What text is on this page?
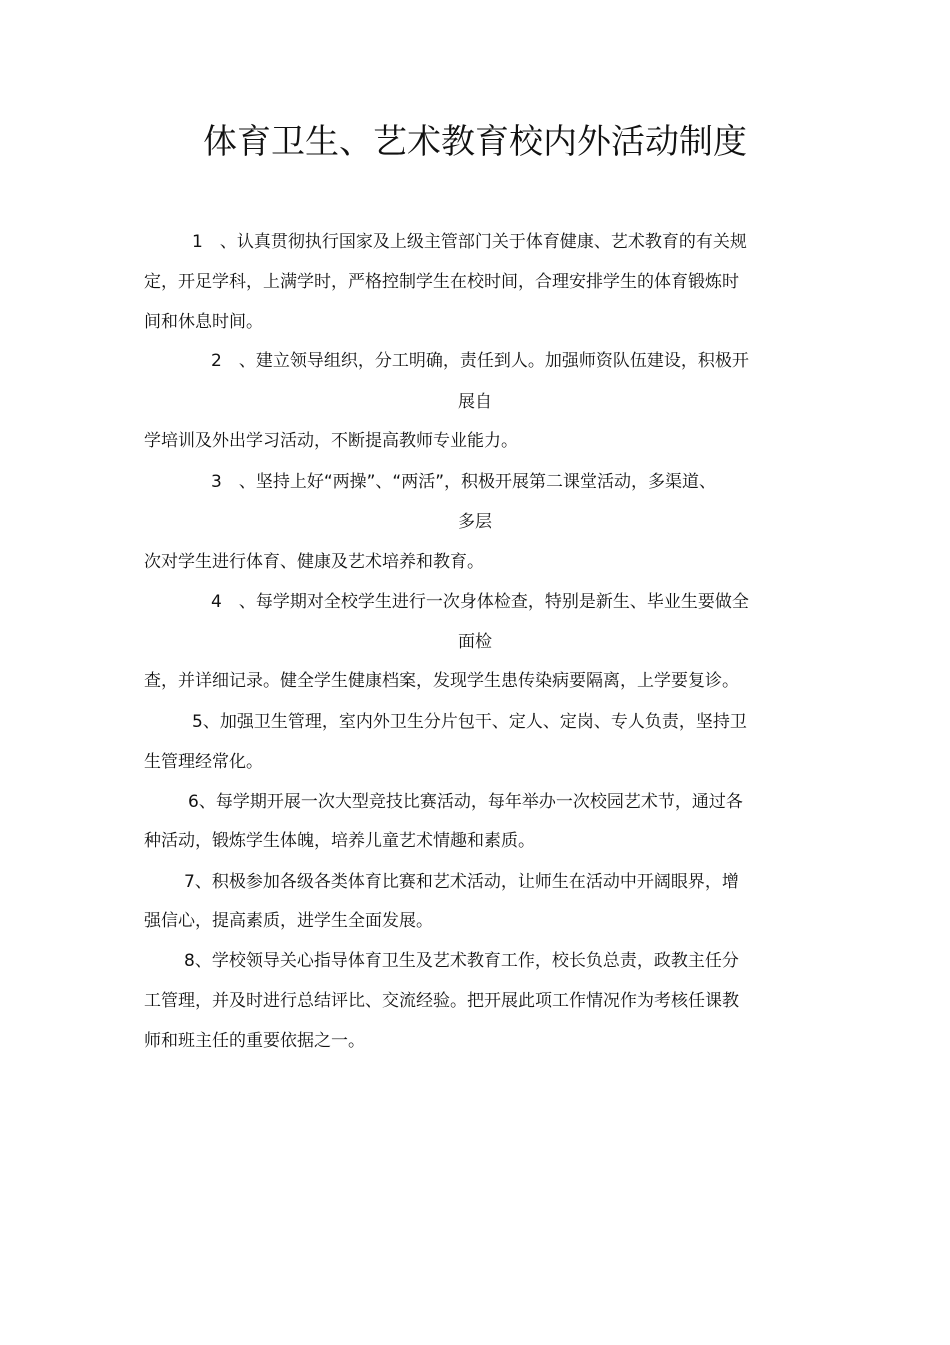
体育卫生、艺术教育校内外活动制度
1　、认真贯彻执行国家及上级主管部门关于体育健康、艺术教育的有关规
定，开足学科，上满学时，严格控制学生在校时间，合理安排学生的体育锻炼时
间和休息时间。
2　、建立领导组织，分工明确，责任到人。加强师资队伍建设，积极开
展自
学培训及外出学习活动，不断提高教师专业能力。
3　、坚持上好“两操”、“两活”，积极开展第二课堂活动，多渠道、
多层
次对学生进行体育、健康及艺术培养和教育。
4　、每学期对全校学生进行一次身体检查，特别是新生、毕业生要做全
面检
查，并详细记录。健全学生健康档案，发现学生患传染病要隔离，上学要复诊。
5、加强卫生管理，室内外卫生分片包干、定人、定岗、专人负责，坚持卫
生管理经常化。
6、每学期开展一次大型竞技比赛活动，每年举办一次校园艺术节，通过各
种活动，锻炼学生体魄，培养儿童艺术情趣和素质。
7、积极参加各级各类体育比赛和艺术活动，让师生在活动中开阔眼界，增
强信心，提高素质，进学生全面发展。
8、学校领导关心指导体育卫生及艺术教育工作，校长负总责，政教主任分
工管理，并及时进行总结评比、交流经验。把开展此项工作情况作为考核任课教
师和班主任的重要依据之一。
